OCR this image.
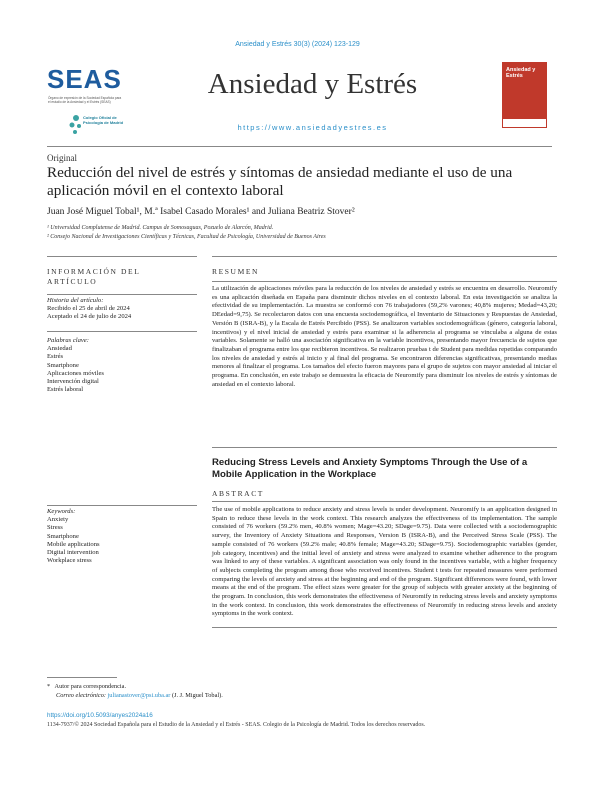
Ansiedad y Estrés 30(3) (2024) 123-129
SEAS
Órgano de expresión de la Sociedad Española para el estudio de la Ansiedad y el Estrés (SEAS)
Colegio Oficial de Psicología de Madrid
Ansiedad y Estrés
https://www.ansiedadyestres.es
Ansiedad y Estrés
Original
Reducción del nivel de estrés y síntomas de ansiedad mediante el uso de una aplicación móvil en el contexto laboral
Juan José Miguel Tobal¹, M.ª Isabel Casado Morales¹ and Juliana Beatriz Stover²
¹ Universidad Complutense de Madrid. Campus de Somosaguas, Pozuelo de Alarcón, Madrid.
² Consejo Nacional de Investigaciones Científicas y Técnicas, Facultad de Psicología, Universidad de Buenos Aires
INFORMACIÓN DEL ARTÍCULO
Historia del artículo:
Recibido el 25 de abril de 2024
Aceptado el 24 de julio de 2024
Palabras clave:
Ansiedad
Estrés
Smartphone
Aplicaciones móviles
Intervención digital
Estrés laboral
RESUMEN
La utilización de aplicaciones móviles para la reducción de los niveles de ansiedad y estrés se encuentra en desarrollo. Neuromify es una aplicación diseñada en España para disminuir dichos niveles en el contexto laboral. En esta investigación se analiza la efectividad de su implementación. La muestra se conformó con 76 trabajadores (59,2% varones; 40,8% mujeres; Medad=43,20; DEedad=9,75). Se recolectaron datos con una encuesta sociodemográfica, el Inventario de Situaciones y Respuestas de Ansiedad, Versión B (ISRA-B), y la Escala de Estrés Percibido (PSS). Se analizaron variables sociodemográficas (género, categoría laboral, incentivos) y el nivel inicial de ansiedad y estrés para examinar si la adherencia al programa se vinculaba a alguna de estas variables. Solamente se halló una asociación significativa en la variable incentivos, presentando mayor frecuencia de sujetos que finalizaban el programa entre los que recibieron incentivos. Se realizaron pruebas t de Student para medidas repetidas comparando los niveles de ansiedad y estrés al inicio y al final del programa. Se encontraron diferencias significativas, presentando medias menores al finalizar el programa. Los tamaños del efecto fueron mayores para el grupo de sujetos con mayor ansiedad al iniciar el programa. En conclusión, en este trabajo se demuestra la eficacia de Neuromify para disminuir los niveles de estrés y síntomas de ansiedad en el contexto laboral.
Reducing Stress Levels and Anxiety Symptoms Through the Use of a Mobile Application in the Workplace
ABSTRACT
The use of mobile applications to reduce anxiety and stress levels is under development. Neuromify is an application designed in Spain to reduce these levels in the work context. This research analyzes the effectiveness of its implementation. The sample consisted of 76 workers (59.2% men, 40.8% women; Mage=43.20; SDage=9.75). Data were collected with a sociodemographic survey, the Inventory of Anxiety Situations and Responses, Version B (ISRA-B), and the Perceived Stress Scale (PSS). The sample consisted of 76 workers (59.2% male; 40.8% female; Mage=43.20; SDage=9.75). Sociodemographic variables (gender, job category, incentives) and the initial level of anxiety and stress were analyzed to examine whether adherence to the program was linked to any of these variables. A significant association was only found in the incentives variable, with a higher frequency of subjects completing the program among those who received incentives. Student t tests for repeated measures were performed comparing the levels of anxiety and stress at the beginning and end of the program. Significant differences were found, with lower means at the end of the program. The effect sizes were greater for the group of subjects with greater anxiety at the beginning of the program. In conclusion, this work demonstrates the effectiveness of Neuromify in reducing stress levels and anxiety symptoms in the work context. In conclusion, this work demonstrates the effectiveness of Neuromify in reducing stress levels and anxiety symptoms in the work context.
Keywords:
Anxiety
Stress
Smartphone
Mobile applications
Digital intervention
Workplace stress
* Autor para correspondencia.
Correo electrónico: julianastover@psi.uba.ar (J. J. Miguel Tobal).
https://doi.org/10.5093/anyes2024a16
1134-7937/© 2024 Sociedad Española para el Estudio de la Ansiedad y el Estrés - SEAS. Colegio de la Psicología de Madrid. Todos los derechos reservados.
